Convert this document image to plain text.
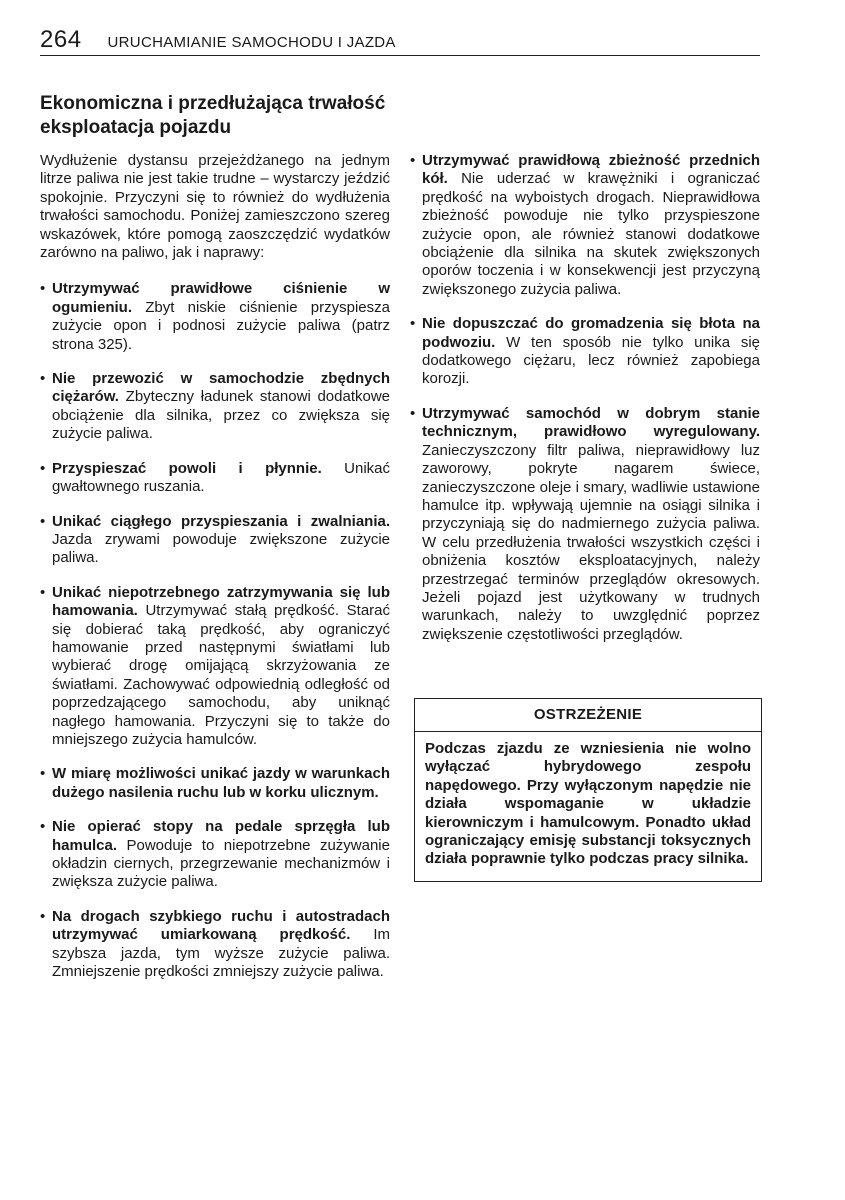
264 URUCHAMIANIE SAMOCHODU I JAZDA
Ekonomiczna i przedłużająca trwałość eksploatacja pojazdu

Wydłużenie dystansu przejeżdżanego na jednym litrze paliwa nie jest takie trudne – wystarczy jeździć spokojnie. Przyczyni się to również do wydłużenia trwałości samochodu. Poniżej zamieszczono szereg wskazówek, które pomogą zaoszczędzić wydatków zarówno na paliwo, jak i naprawy:

• Utrzymywać prawidłowe ciśnienie w ogumieniu. Zbyt niskie ciśnienie przyspiesza zużycie opon i podnosi zużycie paliwa (patrz strona 325).
• Nie przewozić w samochodzie zbędnych ciężarów. Zbyteczny ładunek stanowi dodatkowe obciążenie dla silnika, przez co zwiększa się zużycie paliwa.
• Przyspieszać powoli i płynnie. Unikać gwałtownego ruszania.
• Unikać ciągłego przyspieszania i zwalniania. Jazda zrywami powoduje zwiększone zużycie paliwa.
• Unikać niepotrzebnego zatrzymywania się lub hamowania. Utrzymywać stałą prędkość. Starać się dobierać taką prędkość, aby ograniczyć hamowanie przed następnymi światłami lub wybierać drogę omijającą skrzyżowania ze światłami. Zachowywać odpowiednią odległość od poprzedzającego samochodu, aby uniknąć nagłego hamowania. Przyczyni się to także do mniejszego zużycia hamulców.
• W miarę możliwości unikać jazdy w warunkach dużego nasilenia ruchu lub w korku ulicznym.
• Nie opierać stopy na pedale sprzęgła lub hamulca. Powoduje to niepotrzebne zużywanie okładzin ciernych, przegrzewanie mechanizmów i zwiększa zużycie paliwa.
• Na drogach szybkiego ruchu i autostradach utrzymywać umiarkowaną prędkość. Im szybsza jazda, tym wyższe zużycie paliwa. Zmniejszenie prędkości zmniejszy zużycie paliwa.
• Utrzymywać prawidłową zbieżność przednich kół. Nie uderzać w krawężniki i ograniczać prędkość na wyboistych drogach. Nieprawidłowa zbieżność powoduje nie tylko przyspieszone zużycie opon, ale również stanowi dodatkowe obciążenie dla silnika na skutek zwiększonych oporów toczenia i w konsekwencji jest przyczyną zwiększonego zużycia paliwa.
• Nie dopuszczać do gromadzenia się błota na podwoziu. W ten sposób nie tylko unika się dodatkowego ciężaru, lecz również zapobiega korozji.
• Utrzymywać samochód w dobrym stanie technicznym, prawidłowo wyregulowany. Zanieczyszczony filtr paliwa, nieprawidłowy luz zaworowy, pokryte nagarem świece, zanieczyszczone oleje i smary, wadliwie ustawione hamulce itp. wpływają ujemnie na osiągi silnika i przyczyniają się do nadmiernego zużycia paliwa. W celu przedłużenia trwałości wszystkich części i obniżenia kosztów eksploatacyjnych, należy przestrzegać terminów przeglądów okresowych. Jeżeli pojazd jest użytkowany w trudnych warunkach, należy to uwzględnić poprzez zwiększenie częstotliwości przeglądów.
OSTRZEŻENIE
Podczas zjazdu ze wzniesienia nie wolno wyłączać hybrydowego zespołu napędowego. Przy wyłączonym napędzie nie działa wspomaganie w układzie kierowniczym i hamulcowym. Ponadto układ ograniczający emisję substancji toksycznych działa poprawnie tylko podczas pracy silnika.
